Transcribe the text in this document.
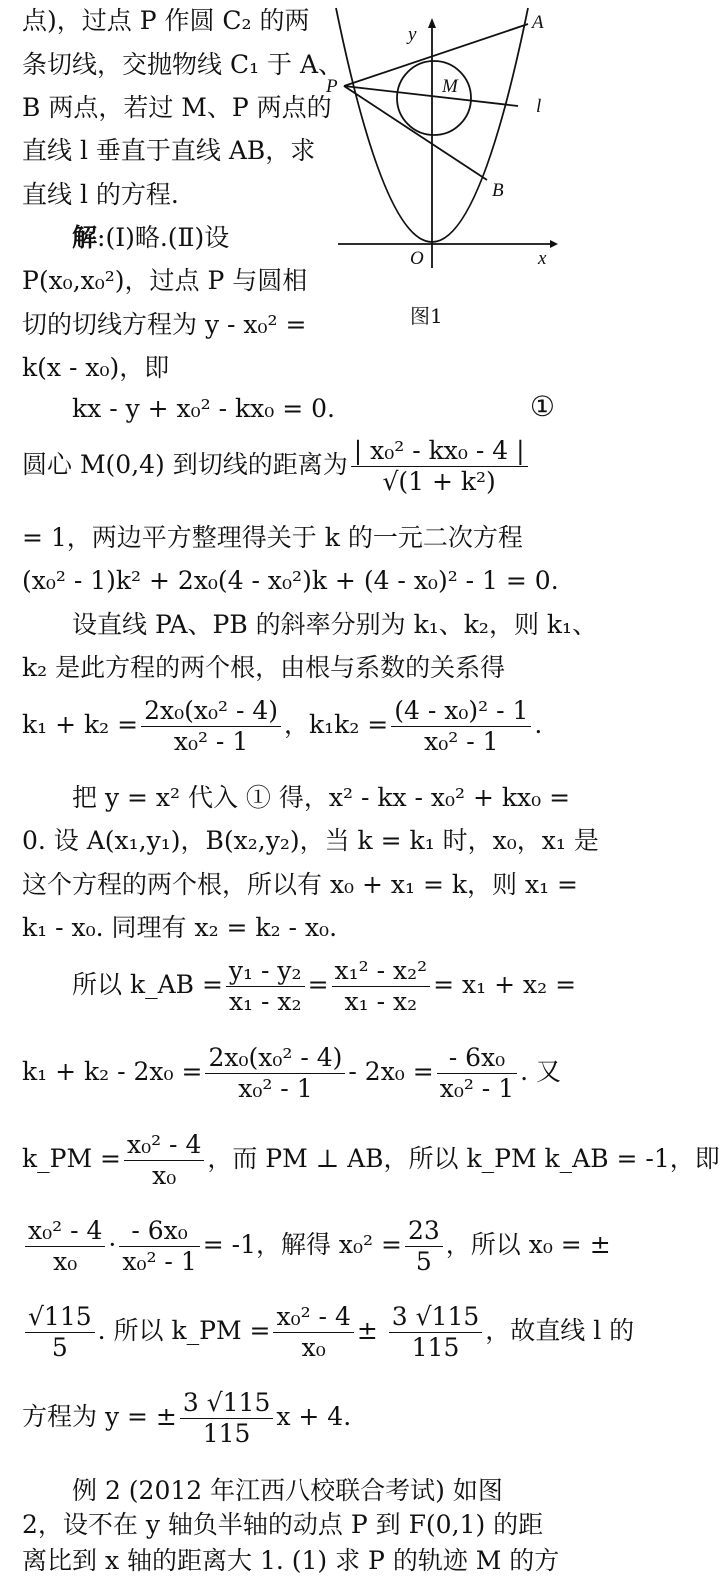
y
A
P	M
l
B
O	x
图1
点)，过点 P 作圆 C₂ 的两
条切线，交抛物线 C₁ 于 A、
B 两点，若过 M、P 两点的
直线 l 垂直于直线 AB，求
直线 l 的方程.
解:(Ⅰ)略.(Ⅱ)设
P(x₀,x₀²)，过点 P 与圆相
切的切线方程为 y - x₀² =
k(x - x₀)，即
kx - y + x₀² - kx₀ = 0.	①
圆心 M(0,4) 到切线的距离为 $\frac{\text{| x₀² - kx₀ - 4 |}}{\text{√(1 + k²)}}$
= 1，两边平方整理得关于 k 的一元二次方程
(x₀² - 1)k² + 2x₀(4 - x₀²)k + (4 - x₀)² - 1 = 0.
设直线 PA、PB 的斜率分别为 k₁、k₂，则 k₁、
k₂ 是此方程的两个根，由根与系数的关系得
$k_1 + k_2 = \frac{\text{2x₀(x₀² - 4)}}{\text{x₀² - 1}}$ ，$k_1k_2 = \frac{\text{(4 - x₀)² - 1}}{\text{x₀² - 1}}$ .
把 y = x² 代入 ① 得，x² - kx - x₀² + kx₀ =
0. 设 A(x₁,y₁)，B(x₂,y₂)，当 k = k₁ 时，x₀，x₁ 是
这个方程的两个根，所以有 x₀ + x₁ = k，则 x₁ =
k₁ - x₀. 同理有 x₂ = k₂ - x₀.
所以 k_AB = $\frac{\text{y₁ - y₂}}{\text{x₁ - x₂}} = \frac{\text{x₁² - x₂²}}{\text{x₁ - x₂}} = x_1 + x_2$ =
$k_1 + k_2 - 2x_0 = \frac{\text{2x₀(x₀² - 4)}}{\text{x₀² - 1}} - 2x_0 = \frac{\text{- 6x₀}}{\text{x₀² - 1}}$ . 又
k_PM = $\frac{\text{x₀² - 4}}{\text{x₀}}$ ，而 PM ⊥ AB，所以 k_PM k_AB = -1，即
$\frac{\text{x₀² - 4}}{\text{x₀}} \cdot \frac{\text{- 6x₀}}{\text{x₀² - 1}} = -1$，解得 $x_0^2 = \frac{23}{5}$ ，所以 x₀ = ±
$\frac{√115}{5}$ . 所以 k_PM = $\frac{\text{x₀² - 4}}{\text{x₀}} \pm \frac{3 √115}{115}$ ，故直线 l 的
方程为 y = ± $\frac{3 √115}{115}$ x + 4.
例 2 (2012 年江西八校联合考试) 如图
2，设不在 y 轴负半轴的动点 P 到 F(0,1) 的距
离比到 x 轴的距离大 1. (1) 求 P 的轨迹 M 的方
